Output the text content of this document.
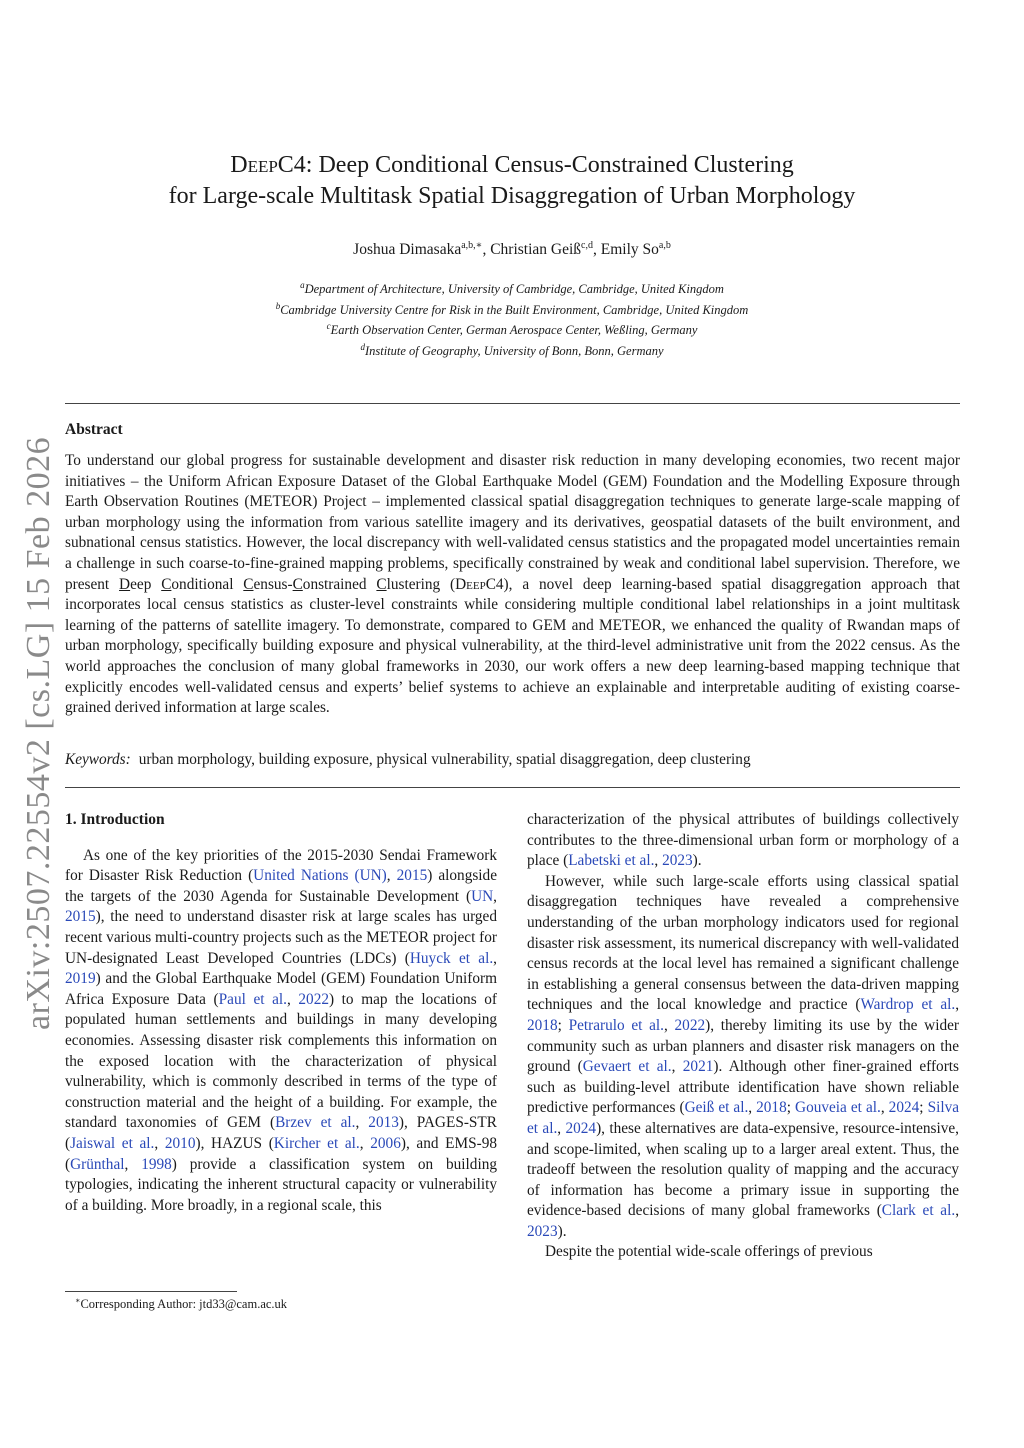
arXiv:2507.22554v2 [cs.LG] 15 Feb 2026
DeepC4: Deep Conditional Census-Constrained Clustering
for Large-scale Multitask Spatial Disaggregation of Urban Morphology
Joshua Dimasaka$^{a,b,∗}$, Christian Geiß$^{c,d}$, Emily So$^{a,b}$
$^a$Department of Architecture, University of Cambridge, Cambridge, United Kingdom
$^b$Cambridge University Centre for Risk in the Built Environment, Cambridge, United Kingdom
$^c$Earth Observation Center, German Aerospace Center, Weßling, Germany
$^d$Institute of Geography, University of Bonn, Bonn, Germany
Abstract

To understand our global progress for sustainable development and disaster risk reduction in many developing economies, two recent major initiatives – the Uniform African Exposure Dataset of the Global Earthquake Model (GEM) Foundation and the Modelling Exposure through Earth Observation Routines (METEOR) Project – implemented classical spatial disaggregation techniques to generate large-scale mapping of urban morphology using the information from various satellite imagery and its derivatives, geospatial datasets of the built environment, and subnational census statistics. However, the local discrepancy with well-validated census statistics and the propagated model uncertainties remain a challenge in such coarse-to-fine-grained mapping problems, specifically constrained by weak and conditional label supervision. Therefore, we present Deep Conditional Census-Constrained Clustering (DeepC4), a novel deep learning-based spatial disaggregation approach that incorporates local census statistics as cluster-level constraints while considering multiple conditional label relationships in a joint multitask learning of the patterns of satellite imagery. To demonstrate, compared to GEM and METEOR, we enhanced the quality of Rwandan maps of urban morphology, specifically building exposure and physical vulnerability, at the third-level administrative unit from the 2022 census. As the world approaches the conclusion of many global frameworks in 2030, our work offers a new deep learning-based mapping technique that explicitly encodes well-validated census and experts’ belief systems to achieve an explainable and interpretable auditing of existing coarse-grained derived information at large scales.

Keywords: urban morphology, building exposure, physical vulnerability, spatial disaggregation, deep clustering
1. Introduction

As one of the key priorities of the 2015-2030 Sendai Framework for Disaster Risk Reduction (United Nations (UN), 2015) alongside the targets of the 2030 Agenda for Sustainable Development (UN, 2015), the need to understand disaster risk at large scales has urged recent various multi-country projects such as the METEOR project for UN-designated Least Developed Countries (LDCs) (Huyck et al., 2019) and the Global Earthquake Model (GEM) Foundation Uniform Africa Exposure Data (Paul et al., 2022) to map the locations of populated human settlements and buildings in many developing economies. Assessing disaster risk complements this information on the exposed location with the characterization of physical vulnerability, which is commonly described in terms of the type of construction material and the height of a building. For example, the standard taxonomies of GEM (Brzev et al., 2013), PAGES-STR (Jaiswal et al., 2010), HAZUS (Kircher et al., 2006), and EMS-98 (Grünthal, 1998) provide a classification system on building typologies, indicating the inherent structural capacity or vulnerability of a building. More broadly, in a regional scale, this

characterization of the physical attributes of buildings collectively contributes to the three-dimensional urban form or morphology of a place (Labetski et al., 2023).

However, while such large-scale efforts using classical spatial disaggregation techniques have revealed a comprehensive understanding of the urban morphology indicators used for regional disaster risk assessment, its numerical discrepancy with well-validated census records at the local level has remained a significant challenge in establishing a general consensus between the data-driven mapping techniques and the local knowledge and practice (Wardrop et al., 2018; Petrarulo et al., 2022), thereby limiting its use by the wider community such as urban planners and disaster risk managers on the ground (Gevaert et al., 2021). Although other finer-grained efforts such as building-level attribute identification have shown reliable predictive performances (Geiß et al., 2018; Gouveia et al., 2024; Silva et al., 2024), these alternatives are data-expensive, resource-intensive, and scope-limited, when scaling up to a larger areal extent. Thus, the tradeoff between the resolution quality of mapping and the accuracy of information has become a primary issue in supporting the evidence-based decisions of many global frameworks (Clark et al., 2023).

Despite the potential wide-scale offerings of previous

∗Corresponding Author: jtd33@cam.ac.uk
